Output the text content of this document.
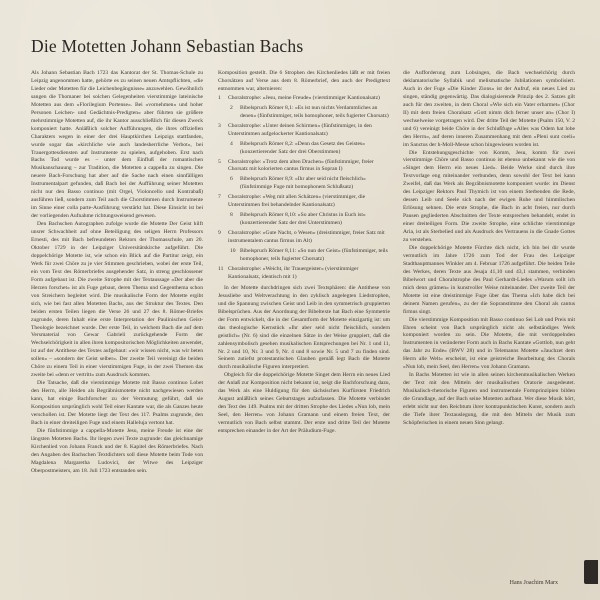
Die Motetten Johann Sebastian Bachs

Als Johann Sebastian Bach 1723 das Kantorat der St. Thomas-Schule zu Leipzig angenommen hatte, gehörte es zu seinen neuen Amtspflichten, »die Lieder oder Motetten für die Leichenbegängnisse« anzuwehlen. Gewöhnlich sangen die Thomaner bei solchen Gelegenheiten vierstimmige lateinische Motetten aus dem »Florilegium Portense«. Bei »vornehmen« und hoher Personen Leichen- und Gedächtnis-Predigten« aber führten sie größere mehrstimmige Motetten auf, die ihr Kantor ausschließlich für diesen Zweck komponiert hatte. Anläßlich solcher Aufführungen, die ihres offiziellen Charakters wegen in einer der drei Hauptkirchen Leipzigs stattfanden, wurde sogar das »kirchliche wie auch landesherrliche Verbot«, bei Trauergottesdiensten auf Instrumente zu spielen, aufgehoben. Erst nach Bachs Tod wurde es – unter dem Einfluß der romantischen Musikanschauung – zur Tradition, die Motetten a cappella zu singen. Die neuere Bach-Forschung hat aber auf die Sache nach einen sinnfälligen Instrumentalpart gefunden, daß Bach bei der Aufführung seiner Motetten nicht nur den Basso continuo (mit Orgel, Violoncello und Kontrabaß) ausführen ließ, sondern zum Teil auch die Chorstimmen durch Instrumente im Sinne einer colla parte-Ausführung verstärkt hat. Diese Einsicht ist bei der vorliegenden Aufnahme richtungsweisend gewesen.

Den Bachschen Autographen zufolge wurde die Motette Der Geist hilft unsrer Schwachheit auf ohne Beteiligung des seligen Herrn Professors Ernesti, des mit Bach befreundeten Rektors der Thomasschule, am 20. Oktober 1729 in der Leipziger Universitätskirche aufgeführt. Die doppelchörige Motette ist, wie schon ein Blick auf die Partitur zeigt, ein Werk für zwei Chöre zu je vier Stimmen geschrieben, wobei der erste Teil, ein vom Text des Römerbriefes ausgehender Satz, in streng geschlossener Form aufgebaut ist. Die zweite Strophe mit der Textaussage »Der aber die Herzen forschet« ist als Fuge gebaut, deren Thema und Gegenthema schon von Streichern begleitet wird. Die musikalische Form der Motette ergibt sich, wie bei fast allen Motetten Bachs, aus der Struktur des Textes. Den beiden ersten Teilen liegen die Verse 26 und 27 des 8. Römer-Briefes zugrunde, deren Inhalt eine erste Interpretation der Paulinischen Geist-Theologie bezeichnet wurde. Der erste Teil, in welchem Bach die auf dem Versmaterial von Gewar Gabrieli zurückgehende Form der Wechselchörigkeit in allen ihren kompositorischen Möglichkeiten anwendet, ist auf der Antithese des Textes aufgebaut: »wir wissen nicht, was wir beten sollen« – »sondern der Geist selber«. Der zweite Teil vereinigt die beiden Chöre zu einem Teil in einer vierstimmigen Fuge, in der zwei Themen das zweite bei »denn er vertritt« zum Ausdruck kommen.

Die Tatsache, daß die vierstimmige Motette mit Basso continuo Lobet den Herrn, alle Heiden als Begräbnismotette nicht nachgewiesen werden kann, hat einige Bachforscher zu der Vermutung geführt, daß sie Komposition ursprünglich wohl Teil einer Kantate war, die als Ganzes heute verschollen ist. Der Motette liegt der Text des 117. Psalms zugrunde, den Bach in einer dreiteiligen Fuge und einem Halleluja vertont hat.

Die fünfstimmige a cappella-Motette Jesu, meine Freude ist eine der längsten Motetten Bachs. Ihr liegen zwei Texte zugrunde: das gleichnamige Kirchenlied von Johann Franck und der 8. Kapitel des Römerbriefes. Nach den Angaben des Bachschen Textdichters soll diese Motette beim Tode von Magdalena Margaretha Ludovici, der Witwe des Leipziger Oberpostmeisters, am 18. Juli 1723 entstanden sein.

Komposition gestellt. Die 6 Strophen des Kirchenliedes läßt er mit freien Chorsätzen auf Verse aus dem 8. Römerbrief, den auch der Predigttext entnommen war, alternieren:

1	Choralstrophe: »Jesu, meine Freude« (vierstimmiger Kantionalsatz)
2	Bibelspruch Römer 8,1: »Es ist nun nichts Verdammliches an denen« (fünfstimmiger, teils homophoner, teils fugierter Chorsatz)
3	Choralstrophe: »Unter deinen Schirmen« (fünfstimmiger, in den Unterstimmen aufgelockerter Kantionalsatz)
4	Bibelspruch Römer 8,2: »Denn das Gesetz des Geistes« (konzertierender Satz der drei Oberstimmen)
5	Choralstrophe: »Trotz dem alten Drachen« (fünfstimmiger, freier Chorsatz mit kolorierten cantus firmus in Sopran I)
6	Bibelspruch Römer 8,9: »Ihr aber seid nicht fleischlich« (fünfstimmige Fuge mit homophonem Schlußsatz)
7	Choralstrophe: »Weg mit allen Schätzen« (vierstimmiger, die Unterstimmen frei behandelnder Kantionalsatz)
8	Bibelspruch Römer 8,10: »So aber Christus in Euch ist« (konzertierender Satz der drei Unterstimmen)
9	Choralstrophe: »Gute Nacht, o Wesen« (dreistimmiger, freier Satz mit instrumentalem cantus firmus im Alt)
10 Bibelspruch Römer 8,11: »So nun der Geist« (fünfstimmiger, teils homophoner, teils fugierter Chorsatz)
11 Choralstrophe: »Weicht, ihr Trauergeister« (vierstimmiger Kantionalsatz, identisch mit 1)

In der Motette durchdringen sich zwei Textsphären: die Antithese von Jesusliebe und Weltverachtung in den zyklisch angelegten Liedstrophen, und die Spannung zwischen Geist und Leib in den symmetrisch gruppierten Bibelsprüchen. Aus der Anordnung der Bibeltexte hat Bach eine Symmetrie der Form entwickelt, die in der Gesamtform der Motette einzigartig ist: um das theologische Kernstück »Ihr aber seid nicht fleischlich, sondern geistlich« (Nr. 6) sind die einzelnen Sätze in der Weise gruppiert, daß die zahlensymbolisch gesehen musikalischen Entsprechungen bei Nr. 1 und 11, Nr. 2 und 10, Nr. 3 und 9, Nr. 4 und 8 sowie Nr. 5 und 7 zu finden sind. Seinem zutiefst protestantischen Glauben gemäß legt Bach die Motette durch musikalische Figuren interpretiert.

Obgleich für die doppelchörige Motette Singet dem Herrn ein neues Lied der Anlaß zur Komposition nicht bekannt ist, neigt die Bachforschung dazu, das Werk als eine Huldigung für den sächsischen Kurfürsten Friedrich August anläßlich seines Geburtstages aufzufassen. Die Motette verbindet den Text des 149. Psalms mit der dritten Strophe des Liedes »Nun lob, mein Seel, den Herren« von Johann Gramann und einem freien Text, der vermutlich von Bach selbst stammt. Der erste und dritte Teil der Motette entsprechen einander in der Art der Präludium-Fuge.

die Aufforderung zum Lobsingen, die Bach wechselchörig durch deklamatorische Syllabik und melismatische Jubilationen symbolisiert. Auch in der Fuge »Die Kinder Zions« ist der Aufruf, ein neues Lied zu singen, ständig gegenwärtig. Das dialogisierende Prinzip des 2. Satzes gilt auch für den zweiten, in dem Choral »Wie sich ein Vater erbarmet« (Chor II) mit dem freien Choralsatz »Gott nimm dich ferner unser an« (Chor I) wechselweise vorgetragen wird. Der dritte Teil der Motette (Psalm 150, V. 2 und 6) vereinigt beide Chöre in der Schlußfuge »Alles was Odem hat lobe den Herrn«, auf deren inneren Zusammenhang mit dem »Pleni sunt coeli« im Sanctus der h-Moll-Messe schon hingewiesen worden ist.

Die Entstehungsgeschichte von Komm, Jesu, komm für zwei vierstimmige Chöre und Basso continuo ist ebenso unbekannt wie die von »Singet dem Herrn ein neues Lied«. Beide Werke sind durch ihre Textvorlage eng miteinander verbunden, denn sowohl der Text bei kann Zweifel, daß das Werk als Begräbnismotette komponiert wurde: im Dienst des Leipziger Rektors Paul Thymich ist von einem Sterbenden die Rede, dessen Leib und Seele sich nach der ewigen Ruhe und himmlischen Erlösung sehnen. Die erste Strophe, die Bach in acht freien, nur durch Pausen gegliederten Abschnitten der Texte entsprechen behandelt, endet in einer dreiteiligen Form. Die zweite Strophe, eine schlichte vierstimmige Aria, ist als Sterbelied und als Ausdruck des Vertrauens in die Gnade Gottes zu verstehen.

Die doppelchörige Motette Fürchte dich nicht, ich bin bei dir wurde vermutlich im Jahre 1726 zum Tod der Frau des Leipziger Stadthauptmannes Winkler am 4. Februar 1726 aufgeführt. Die beiden Teile des Werkes, deren Texte aus Jesaja 41,10 und 43,1 stammen, verbinden Bibelwort und Choralstrophe des Paul Gerhardt-Liedes »Warum sollt ich mich denn grämen« in kunstvoller Weise miteinander. Der zweite Teil der Motette ist eine dreistimmige Fuge über das Thema »Ich habe dich bei deinem Namen gerufen«, zu der die Sopranstimme den Choral als cantus firmus singt.

Die vierstimmige Komposition mit Basso continuo Sei Lob und Preis mit Ehren scheint von Bach ursprünglich nicht als selbständiges Werk komponiert worden zu sein. Die Motette, die mit verdoppelnden Instrumenten in veränderter Form auch in Bachs Kantate »Gottlob, nun geht das Jahr zu Ende« (BWV 28) und in Telemanns Motette »Jauchzet dem Herrn alle Welt« erscheint, ist eine geistreiche Bearbeitung des Chorals »Nun lob, mein Seel, den Herren« von Johann Gramann.

In Bachs Motetten ist wie in allen seinen kirchenmusikalischen Werken der Text mit den Mitteln der musikalischen Oratorie ausgedeutet. Musikalisch-rhetorische Figuren und instrumentale Formprinzipien bilden die Grundlage, auf der Bach seine Motetten aufbaut. Wer diese Musik hört, erlebt nicht nur den Reichtum ihrer kontrapunktischen Kunst, sondern auch die Tiefe ihrer Textauslegung, die mit den Mitteln der Musik zum Schöpferischen in einem neuen Sinn gelangt.

Hans Joachim Marx
